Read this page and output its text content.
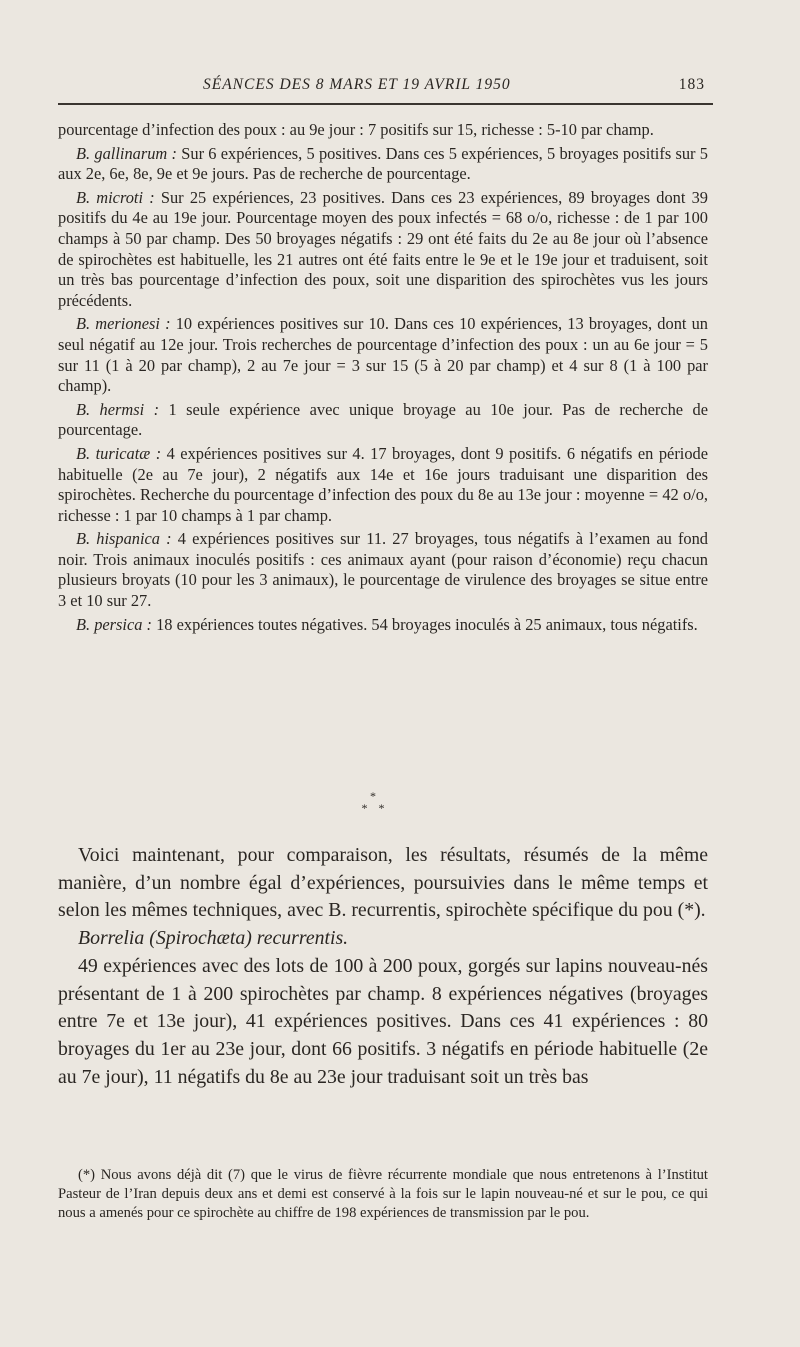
SÉANCES DES 8 MARS ET 19 AVRIL 1950	183

pourcentage d’infection des poux : au 9e jour : 7 positifs sur 15, richesse : 5-10 par champ.

B. gallinarum : Sur 6 expériences, 5 positives. Dans ces 5 expériences, 5 broyages positifs sur 5 aux 2e, 6e, 8e, 9e et 9e jours. Pas de recherche de pourcentage.

B. microti : Sur 25 expériences, 23 positives. Dans ces 23 expériences, 89 broyages dont 39 positifs du 4e au 19e jour. Pourcentage moyen des poux infectés = 68 o/o, richesse : de 1 par 100 champs à 50 par champ. Des 50 broyages négatifs : 29 ont été faits du 2e au 8e jour où l’absence de spirochètes est habituelle, les 21 autres ont été faits entre le 9e et le 19e jour et traduisent, soit un très bas pourcentage d’infection des poux, soit une disparition des spirochètes vus les jours précédents.

B. merionesi : 10 expériences positives sur 10. Dans ces 10 expériences, 13 broyages, dont un seul négatif au 12e jour. Trois recherches de pourcentage d’infection des poux : un au 6e jour = 5 sur 11 (1 à 20 par champ), 2 au 7e jour = 3 sur 15 (5 à 20 par champ) et 4 sur 8 (1 à 100 par champ).

B. hermsi : 1 seule expérience avec unique broyage au 10e jour. Pas de recherche de pourcentage.

B. turicatæ : 4 expériences positives sur 4. 17 broyages, dont 9 positifs. 6 négatifs en période habituelle (2e au 7e jour), 2 négatifs aux 14e et 16e jours traduisant une disparition des spirochètes. Recherche du pourcentage d’infection des poux du 8e au 13e jour : moyenne = 42 o/o, richesse : 1 par 10 champs à 1 par champ.

B. hispanica : 4 expériences positives sur 11. 27 broyages, tous négatifs à l’examen au fond noir. Trois animaux inoculés positifs : ces animaux ayant (pour raison d’économie) reçu chacun plusieurs broyats (10 pour les 3 animaux), le pourcentage de virulence des broyages se situe entre 3 et 10 sur 27.

B. persica : 18 expériences toutes négatives. 54 broyages inoculés à 25 animaux, tous négatifs.

*
* *

Voici maintenant, pour comparaison, les résultats, résumés de la même manière, d’un nombre égal d’expériences, poursuivies dans le même temps et selon les mêmes techniques, avec B. recurrentis, spirochète spécifique du pou (*).

Borrelia (Spirochæta) recurrentis.

49 expériences avec des lots de 100 à 200 poux, gorgés sur lapins nouveau-nés présentant de 1 à 200 spirochètes par champ. 8 expériences négatives (broyages entre 7e et 13e jour), 41 expériences positives. Dans ces 41 expériences : 80 broyages du 1er au 23e jour, dont 66 positifs. 3 négatifs en période habituelle (2e au 7e jour), 11 négatifs du 8e au 23e jour traduisant soit un très bas

(*) Nous avons déjà dit (7) que le virus de fièvre récurrente mondiale que nous entretenons à l’Institut Pasteur de l’Iran depuis deux ans et demi est conservé à la fois sur le lapin nouveau-né et sur le pou, ce qui nous a amenés pour ce spirochète au chiffre de 198 expériences de transmission par le pou.
